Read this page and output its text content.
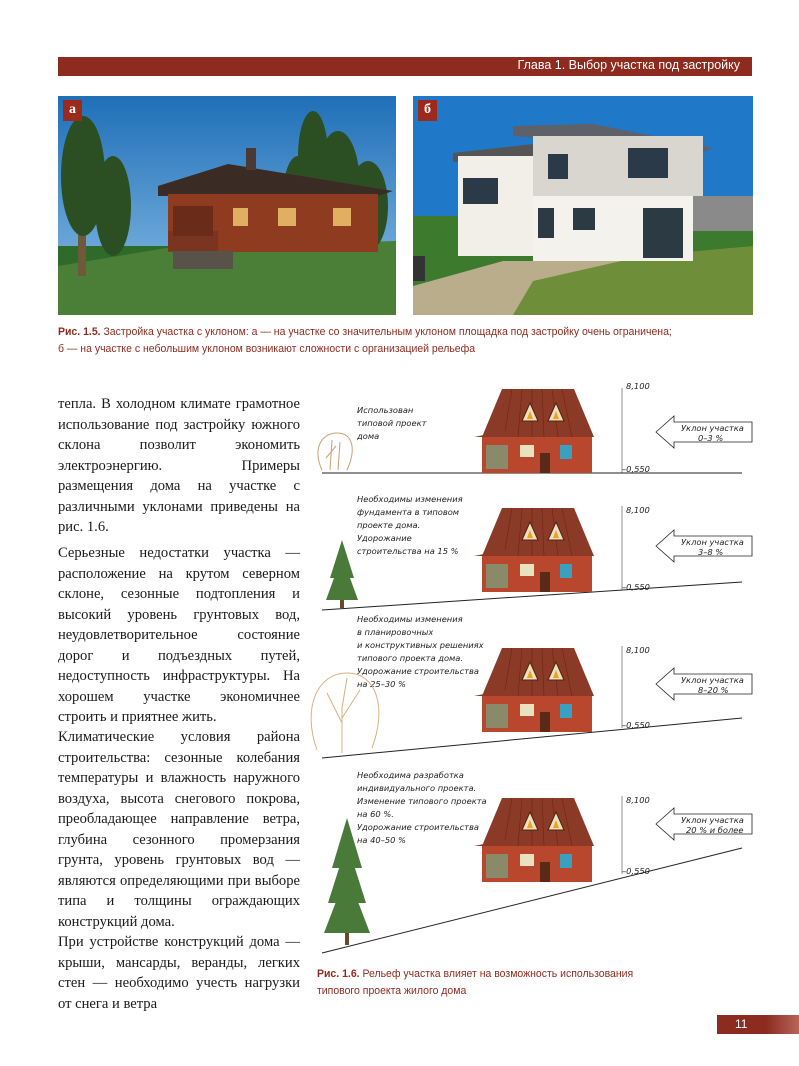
Глава 1. Выбор участка под застройку
а	б
Рис. 1.5. Застройка участка с уклоном: а — на участке со значительным уклоном площадка под застройку очень ограничена;
б — на участке с небольшим уклоном возникают сложности с организацией рельефа
тепла. В холодном климате грамотное использование под застройку южного склона позволит экономить электроэнергию. Примеры размещения дома на участке с различными уклонами приведены на рис. 1.6.
Серьезные недостатки участка — расположение на крутом северном склоне, сезонные подтопления и высокий уровень грунтовых вод, неудовлетворительное состояние дорог и подъездных путей, недоступность инфраструктуры. На хорошем участке экономичнее строить и приятнее жить.
Климатические условия района строительства: сезонные колебания температуры и влажность наружного воздуха, высота снегового покрова, преобладающее направление ветра, глубина сезонного промерзания грунта, уровень грунтовых вод — являются определяющими при выборе типа и толщины ограждающих конструкций дома.
При устройстве конструкций дома — крыши, мансарды, веранды, легких стен — необходимо учесть нагрузки от снега и ветра
8,100
–0,550
Использован типовой проект дома
Уклон участка
0–3 %
8,100
–0,550
Необходимы изменения фундамента в типовом проекте дома. Удорожание строительства на 15 %
Уклон участка
3–8 %
8,100
–0,550
Необходимы изменения в планировочных и конструктивных решениях типового проекта дома. Удорожание строительства на 25–30 %	Уклон участка
8–20 %
8,100
–0,550
Необходима разработка индивидуального проекта. Изменение типового проекта на 60 %. Удорожание строительства на 40–50 %
Уклон участка
20 % и более
Рис. 1.6. Рельеф участка влияет на возможность использования
типового проекта жилого дома
11
